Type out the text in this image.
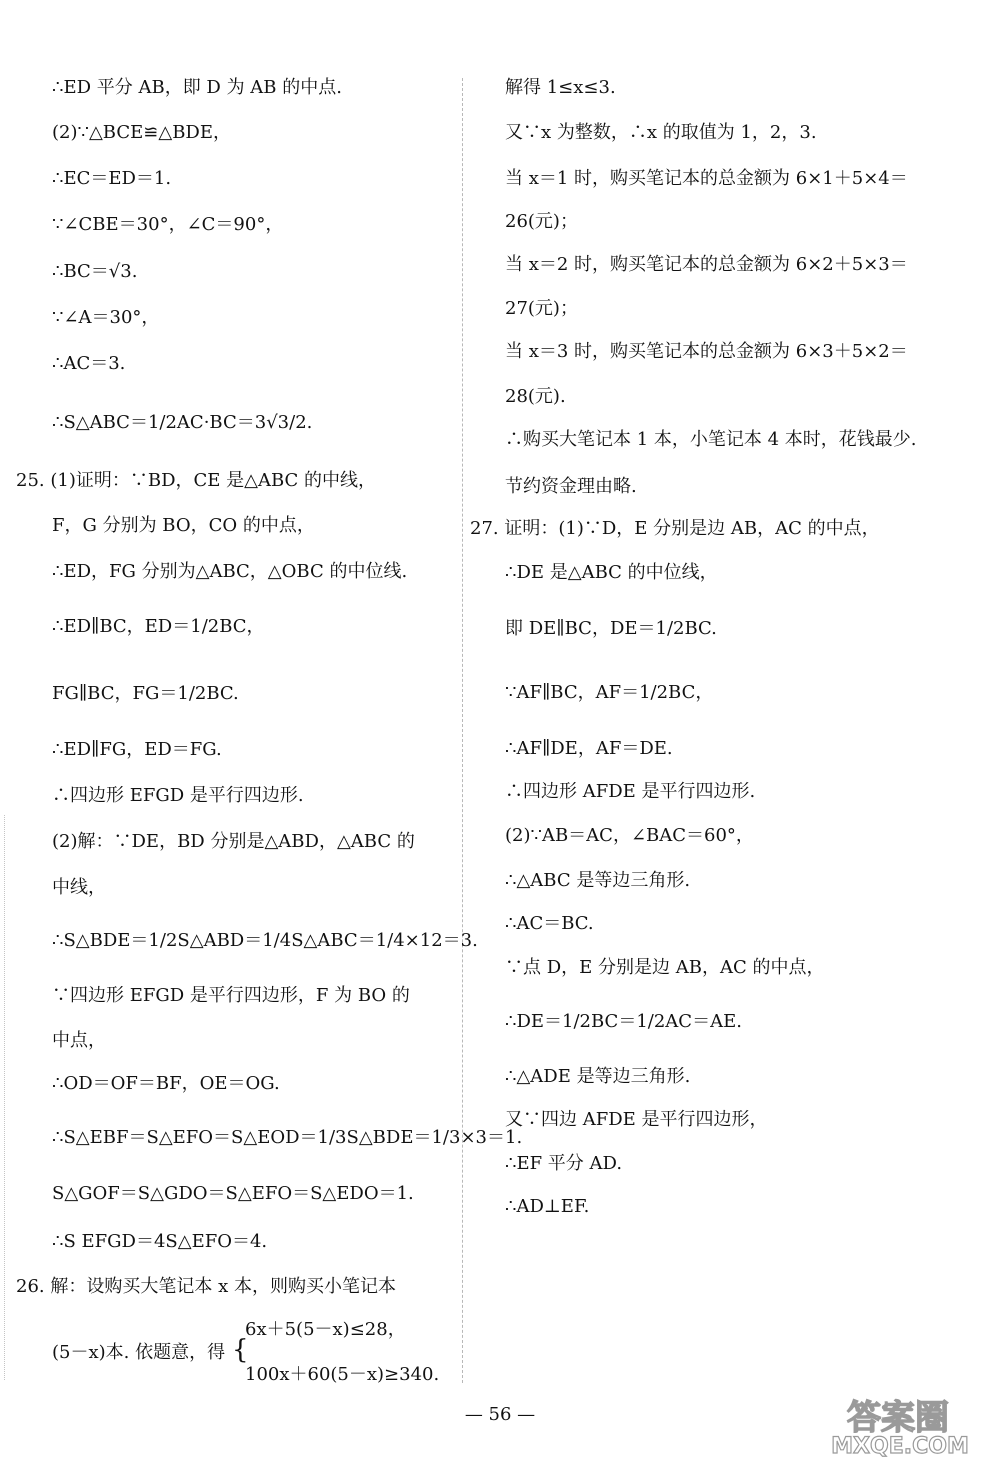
∴ED 平分 AB，即 D 为 AB 的中点.
(2)∵△BCE≌△BDE，
∴EC＝ED＝1.
∵∠CBE＝30°，∠C＝90°，
∴BC＝√3.
∵∠A＝30°，
∴AC＝3.
∴S△ABC＝1/2AC·BC＝3√3/2.
25. (1)证明：∵BD，CE 是△ABC 的中线，
F，G 分别为 BO，CO 的中点，
∴ED，FG 分别为△ABC，△OBC 的中位线.
∴ED∥BC，ED＝1/2BC，
FG∥BC，FG＝1/2BC.
∴ED∥FG，ED＝FG.
∴四边形 EFGD 是平行四边形.
(2)解：∵DE，BD 分别是△ABD，△ABC 的
中线，
∴S△BDE＝1/2S△ABD＝1/4S△ABC＝1/4×12＝3.
∵四边形 EFGD 是平行四边形，F 为 BO 的
中点，
∴OD＝OF＝BF，OE＝OG.
∴S△EBF＝S△EFO＝S△EOD＝1/3S△BDE＝1/3×3＝1.
S△GOF＝S△GDO＝S△EFO＝S△EDO＝1.
∴S EFGD＝4S△EFO＝4.
26. 解：设购买大笔记本 x 本，则购买小笔记本
(5－x)本. 依题意，得 {
6x＋5(5－x)≤28，
100x＋60(5－x)≥340.
解得 1≤x≤3.
又∵x 为整数，∴x 的取值为 1，2，3.
当 x＝1 时，购买笔记本的总金额为 6×1＋5×4＝
26(元)；
当 x＝2 时，购买笔记本的总金额为 6×2＋5×3＝
27(元)；
当 x＝3 时，购买笔记本的总金额为 6×3＋5×2＝
28(元).
∴购买大笔记本 1 本，小笔记本 4 本时，花钱最少.
节约资金理由略.
27. 证明：(1)∵D，E 分别是边 AB，AC 的中点，
∴DE 是△ABC 的中位线，
即 DE∥BC，DE＝1/2BC.
∵AF∥BC，AF＝1/2BC，
∴AF∥DE，AF＝DE.
∴四边形 AFDE 是平行四边形.
(2)∵AB＝AC，∠BAC＝60°，
∴△ABC 是等边三角形.
∴AC＝BC.
∵点 D，E 分别是边 AB，AC 的中点，
∴DE＝1/2BC＝1/2AC＝AE.
∴△ADE 是等边三角形.
又∵四边 AFDE 是平行四边形，
∴EF 平分 AD.
∴AD⊥EF.
— 56 —	答案圈
MXQE.COM
